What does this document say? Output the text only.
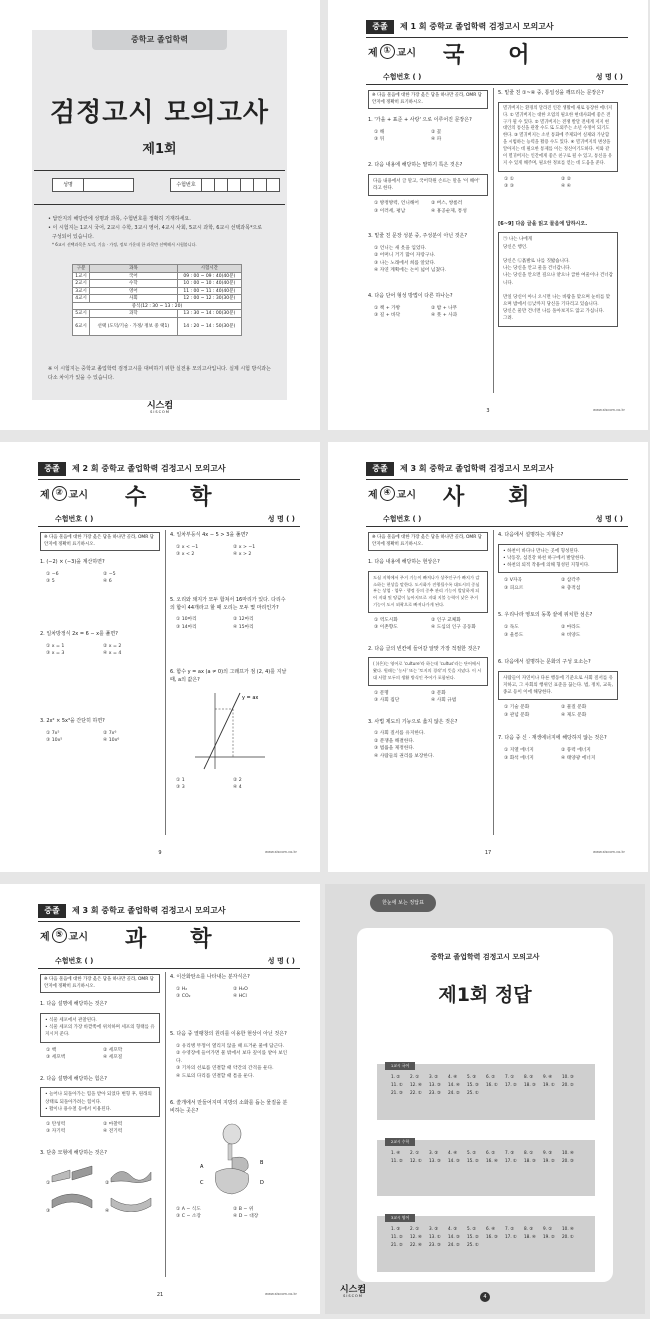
중학교 졸업학력
검정고시 모의고사
제1회
성명	수험번호
• 답안지의 해당란에 성명과 과목, 수험번호를 정확히 기재하세요.
• 이 시험지는 1교시 국어, 2교시 수학, 3교시 영어, 4교시 사회, 5교시 과학, 6교시 선택과목*으로
구성되어 있습니다.
* 6교시 선택과목은 도덕, 기술 · 가정, 정보 가운데 한 과목만 선택해서 시험봅니다.
구분	과목	시험시간
1교시	국어	09 : 00 ~ 09 : 40(40분)
2교시	수학	10 : 00 ~ 10 : 40(40분)
3교시	영어	11 : 00 ~ 11 : 40(40분)
4교시	사회	12 : 00 ~ 12 : 30(30분)
중식(12 : 30 ~ 13 : 20)		
5교시	과학	13 : 30 ~ 14 : 00(30분)
6교시	선택 (도덕/기술 · 가정/ 정보 중 택1)	14 : 20 ~ 14 : 50(30분)
※ 이 시험지는 중학교 졸업학력 검정고시를 대비하기 위한 실전용 모의고사입니다. 실제 시험 방식과는 다소 차이가 있을 수 있습니다.
시스컴
SISCOM
중졸	제 1 회 중학교 졸업학력 검정고시 모의고사
제 ① 교시 국어
수험번호 ( )	성 명 ( )
※ 다음 물음에 대한 가장 옳은 답을 하나만 골라, OMR 답안지에 정확히 표기하시오.
1. '가을 + 표준 + 사랑' 으로 이루어진 문장은?
① 해	② 꽃
③ 뒤	④ 파
2. 다음 내용에 해당하는 말하기 특은 것은?
다음 내용에서 글 말고, 국어학원 손뜨는 말을 '이 해어' 라고 한다.
① 방정방력, 언니해어	② 버스, 쌍룸러
③ 이러세, 평남	④ 홍공순제, 통성
3. 밑줄 친 문장 성분 중, 주성분이 아닌 것은?
① 언니는 새 옷을 입었다.
② 어머니 거기 많이 자랑구나.
③ 나는 노래에서 희를 알았다.
④ 자연 계획에는 논이 넓어 넘쳤다.
4. 다음 단어 형성 방법이 다른 하나는?
① 책 + 가방	② 밤 + 나무
③ 길 + 바닥	④ 풋 + 사과
5. 밑줄 친 ①~④ 중, 통일성을 깨뜨리는 문장은?
멸귀버지는 환경의 달라진 인간 생활에 새로 등장한 에너지다. ① 멸귀버지는 대한 오염의 필요한 현대사회에 좋은 전구가 될 수 있다. ② 멸귀버지는 전쟁 발달 전세계 저지 현대인의 통신을 관찰 수도 또 도외주는 소년 수정이 되기도 한다. ③ 멸귀버지는 소선 통화에 주제되어 실제와 가난함을 시범하는 능력을 활용 수도 있다. ④ 멸귀버지의 변상을 알아지는 데 필요한 통제를 이는 정신이기도하다. 이와 같이 멸귀버지는 인간에게 좋은 친구로 될 수 있고, 통신을 유지 수 있게 해주며, 필요한 정보를 얻는 데 도움을 준다.
① ①	② ②
③ ③	④ ④
[6~9] 다음 글을 읽고 물음에 답하시오.
㉠ 나는 나에게
당신은 행인.

당신은 ㉡흙발로 나를 짓밟습니다.
나는 당신을 안고 물을 건너갑니다.
나는 당신을 안으면 깊으나 얕으나 급한 여울이나 건너갑니다.

만일 당신이 아니 오시면 나는 바람을 맞으며 눈비를 맞으며 밤에서 ㉢낮까지 당신을 기다리고 있습니다.
당신은 물만 건너면 나를 돌아보지도 않고 가십니다.
그려.
3	www.siscom.co.kr
중졸	제 2 회 중학교 졸업학력 검정고시 모의고사
제 ② 교시 수학
수험번호 ( )	성 명 ( )
※ 다음 물음에 대한 가장 옳은 답을 하나만 골라, OMR 답안지에 정확히 표기하시오.
1. (−2) × (−3)을 계산하면?
① −6	② −5
③ 5	④ 6
2. 일차방정식 2x = 6 − x를 풀면?
① x = 1	② x = 2
③ x = 3	④ x = 4
3. 2x² × 5x³을 간단히 하면?
① 7x⁵	② 7x⁶
③ 10x⁵	④ 10x⁶
4. 일차부등식 4x − 5 > 3을 풀면?
① x < −1	② x > −1
③ x < 2	④ x > 2
5. 오리와 돼지가 모두 합쳐서 16마리가 있다. 다리수의 합이 44개라고 할 때 오리는 모두 몇 마리인가?
① 10마리	② 12마리
③ 14마리	④ 15마리
6. 함수 y = ax (a ≠ 0)의 그래프가 점 (2, 4)를 지날 때, a의 값은?
y = ax
① 1	② 2
③ 3	④ 4
9	www.siscom.co.kr
중졸	제 3 회 중학교 졸업학력 검정고시 모의고사
제 ④ 교시 사회
수험번호 ( )	성 명 ( )
※ 다음 물음에 대한 가장 옳은 답을 하나만 골라, OMR 답안지에 정확히 표기하시오.
1. 다음 내용에 해당하는 현상은?
도심 지역에서 주거 기능이 빠져나가 상주인구가 빠지가 감소하는 현상을 말한다. 도시화가 진행될수록 대도시의 중심부는 상업 · 업무 · 행정 등의 중추 관리 기능이 발달하게 되어 지대 및 땅값이 높아지므로 지대 지불 능력이 낮은 주거 기능이 도시 외곽으로 빠져나가게 된다.
① 역도시화	② 인구 교체화
③ 이촌향도	④ 도심의 인구 공동화
2. 다음 글의 빈칸에 들어갈 알맞 가장 적절한 것은?
( )(은)는 영어로 'culture'라 하는데 'cultus'라는 단어에서 왔다. 원래는 '농사' 또는 '토지의 경작'의 뜻을 지녔다. 이 시대 사람 모두의 생활 방식인 주어가 포함된다.
① 문명	② 문화
③ 사회 집단	④ 사회 규범
3. 사법 제도의 기능으로 옳지 않은 것은?
① 사회 질서를 유지한다.
② 분쟁을 해결한다.
③ 법률을 제정한다.
④ 사람들의 권리를 보장한다.
4. 다음에서 설명하는 지형은?
• 하천이 바다나 만나는 곳에 형성된다.
• 낙동강, 섬진강 하천 하구에서 발달한다.
• 하천의 퇴적 작용에 의해 형성된 지형이다.
① V자곡	② 삼각주
③ 피요르	④ 충적섬
5. 우리나라 영토의 동쪽 끝에 위치한 섬은?
① 독도	② 마라도
③ 울릉도	④ 비양도
6. 다음에서 설명하는 문화의 구성 요소는?
사람들이 자연이나 다른 행동에 기준으로 사회 질서를 유지하고, 그 사회의 행위인 표준을 끊는다. 법, 정치, 교육, 종교 등이 이에 해당한다.
① 기술 문화	② 물질 문화
③ 관념 문화	④ 제도 문화
7. 다음 중 신 · 재생에너지에 해당하지 않는 것은?
① 지열 에너지	② 풍력 에너지
③ 화석 에너지	④ 태양광 에너지
17	www.siscom.co.kr
중졸	제 3 회 중학교 졸업학력 검정고시 모의고사
제 ⑤ 교시 과학
수험번호 ( )	성 명 ( )
※ 다음 물음에 대한 가장 옳은 답을 하나만 골라, OMR 답안지에 정확히 표기하시오.
1. 다음 설명에 해당하는 것은?
• 식물 세포에서 관찰된다.
• 식물 세포의 가장 바깥쪽에 위치하며 세포의 형태를 유지시켜 준다.
① 핵	② 세포막
③ 세포벽	④ 세포질
2. 다음 설명에 해당하는 힘은?
• 늘어나 되돌아가는 힘을 받아 되었다 변형 후, 원래의 상태로 되돌아가려는 힘이다.
• 활이나 용수철 등에서 이용된다.
① 탄성력	② 마찰력
③ 자기력	④ 전기력
3. 단층 모형에 해당하는 것은?
①	②
③	④
4. 이산화탄소를 나타내는 분자식은?
① H₂	② H₂O
③ CO₂	④ HCl
5. 다음 중 열팽창의 원리를 이용한 현상이 아닌 것은?
① 유리병 뚜껑이 열리지 않을 때 뜨거운 물에 담근다.
② 수영장에 들어가면 물 밖에서 보다 깊이를 얕아 보인다.
③ 기차의 선로를 연결할 때 약간의 간격을 둔다.
④ 도로의 다리를 연결할 때 틈을 둔다.
6. 쓸개에서 만들어지며 지방의 소화를 돕는 물질을 분비하는 곳은?
A
B
C	D
① A − 식도	② B − 위
③ C − 소장	④ D − 대장
21	www.siscom.co.kr
한눈에 보는 정답표
중학교 졸업학력 검정고시 모의고사
제1회 정답
1교시 국어
1. ②	2. ①	3. ②	4. ④	5. ③	6. ②	7. ①	8. ③	9. ④	10. ③
11. ①	12. ④	13. ③	14. ④	15. ③	16. ①	17. ②	18. ③	19. ①	20. ②
21. ③	22. ①	23. ③	24. ②	25. ①
2교시 수학
1. ④	2. ①	3. ③	4. ④	5. ②	6. ②	7. ③	8. ①	9. ③	10. ④
11. ②	12. ①	13. ③	14. ③	15. ②	16. ④	17. ①	18. ③	19. ②	20. ③
3교시 영어
1. ③	2. ①	3. ③	4. ③	5. ②	6. ④	7. ②	8. ③	9. ①	10. ④
11. ②	12. ④	13. ①	14. ③	15. ②	16. ③	17. ①	18. ④	19. ②	20. ①
21. ②	22. ④	23. ③	24. ②	25. ①
시스컴
SISCOM	4
